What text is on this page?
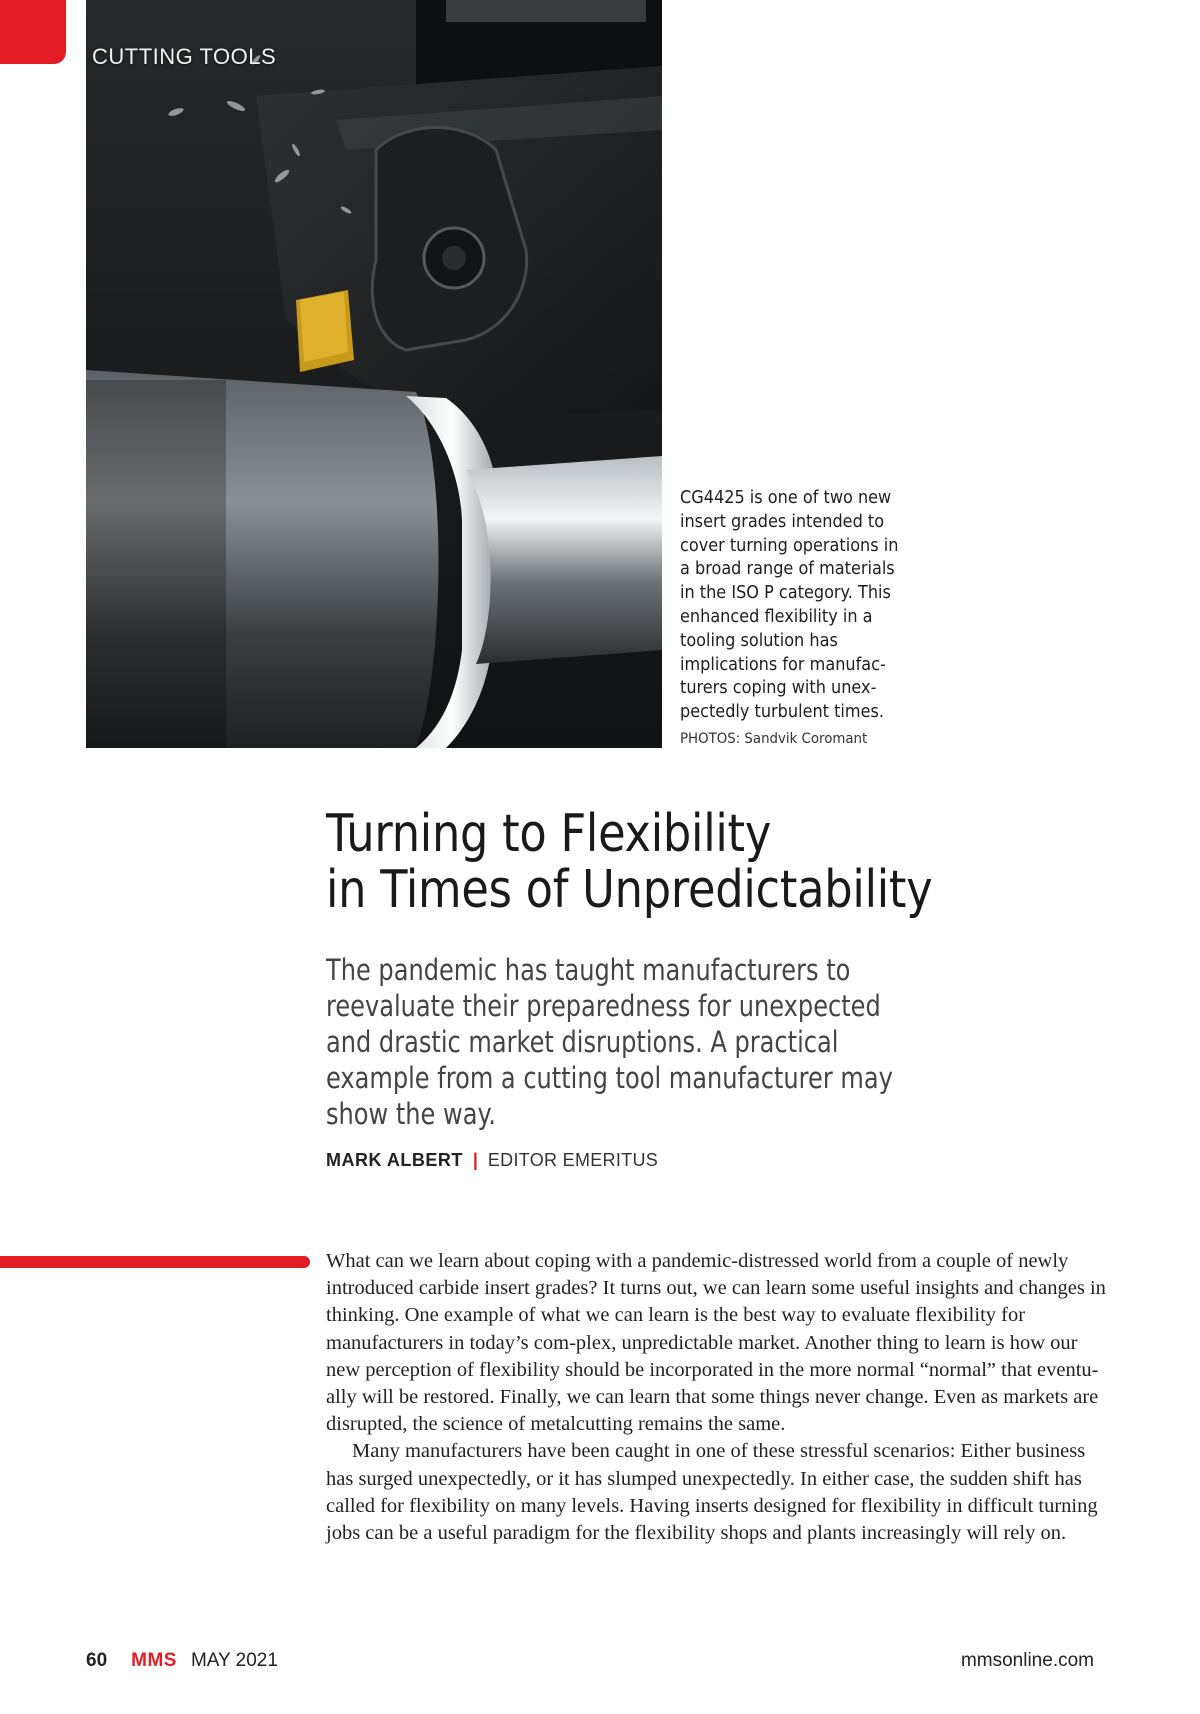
CUTTING TOOLS
CG4425 is one of two new insert grades intended to cover turning operations in a broad range of materials in the ISO P category. This enhanced flexibility in a tooling solution has implications for manufac-turers coping with unex-pectedly turbulent times.
PHOTOS: Sandvik Coromant
Turning to Flexibility
in Times of Unpredictability

The pandemic has taught manufacturers to reevaluate their preparedness for unexpected and drastic market disruptions. A practical example from a cutting tool manufacturer may show the way.

MARK ALBERT | EDITOR EMERITUS

What can we learn about coping with a pandemic-distressed world from a couple of newly introduced carbide insert grades? It turns out, we can learn some useful insights and changes in thinking. One example of what we can learn is the best way to evaluate flexibility for manufacturers in today’s com-plex, unpredictable market. Another thing to learn is how our new perception of flexibility should be incorporated in the more normal “normal” that eventu-ally will be restored. Finally, we can learn that some things never change. Even as markets are disrupted, the science of metalcutting remains the same.

Many manufacturers have been caught in one of these stressful scenarios: Either business has surged unexpectedly, or it has slumped unexpectedly. In either case, the sudden shift has called for flexibility on many levels. Having inserts designed for flexibility in difficult turning jobs can be a useful paradigm for the flexibility shops and plants increasingly will rely on.

60 MMS MAY 2021	mmsonline.com
